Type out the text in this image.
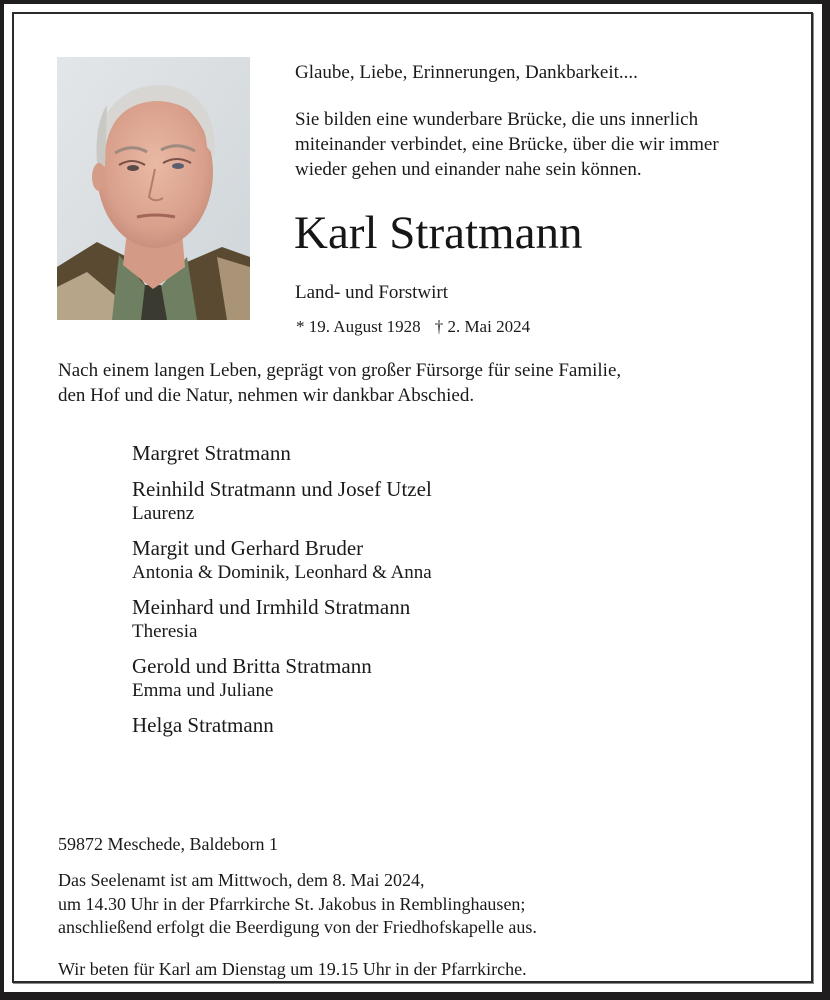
Glaube, Liebe, Erinnerungen, Dankbarkeit....
Sie bilden eine wunderbare Brücke, die uns innerlich
miteinander verbindet, eine Brücke, über die wir immer
wieder gehen und einander nahe sein können.
Karl Stratmann
Land- und Forstwirt
* 19. August 1928 † 2. Mai 2024
Nach einem langen Leben, geprägt von großer Fürsorge für seine Familie,
den Hof und die Natur, nehmen wir dankbar Abschied.
Margret Stratmann
Reinhild Stratmann und Josef Utzel
Laurenz
Margit und Gerhard Bruder
Antonia & Dominik, Leonhard & Anna
Meinhard und Irmhild Stratmann
Theresia
Gerold und Britta Stratmann
Emma und Juliane
Helga Stratmann
59872 Meschede, Baldeborn 1
Das Seelenamt ist am Mittwoch, dem 8. Mai 2024,
um 14.30 Uhr in der Pfarrkirche St. Jakobus in Remblinghausen;
anschließend erfolgt die Beerdigung von der Friedhofskapelle aus.
Wir beten für Karl am Dienstag um 19.15 Uhr in der Pfarrkirche.
